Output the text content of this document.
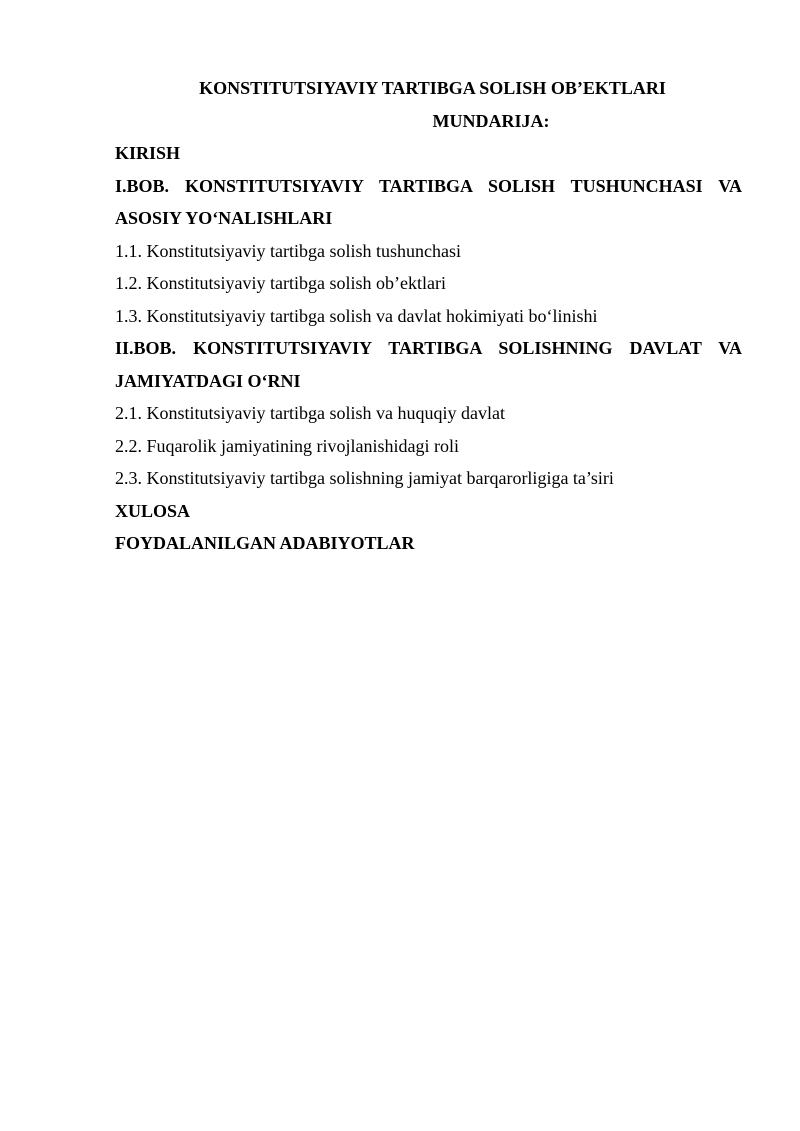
KONSTITUTSIYAVIY TARTIBGA SOLISH OB’EKTLARI
MUNDARIJA:
KIRISH
I.BOB. KONSTITUTSIYAVIY TARTIBGA SOLISH TUSHUNCHASI VA
ASOSIY YO‘NALISHLARI
1.1. Konstitutsiyaviy tartibga solish tushunchasi
1.2. Konstitutsiyaviy tartibga solish ob’ektlari
1.3. Konstitutsiyaviy tartibga solish va davlat hokimiyati bo‘linishi
II.BOB. KONSTITUTSIYAVIY TARTIBGA SOLISHNING DAVLAT VA
JAMIYATDAGI O‘RNI
2.1. Konstitutsiyaviy tartibga solish va huquqiy davlat
2.2. Fuqarolik jamiyatining rivojlanishidagi roli
2.3. Konstitutsiyaviy tartibga solishning jamiyat barqarorligiga ta’siri
XULOSA
FOYDALANILGAN ADABIYOTLAR
